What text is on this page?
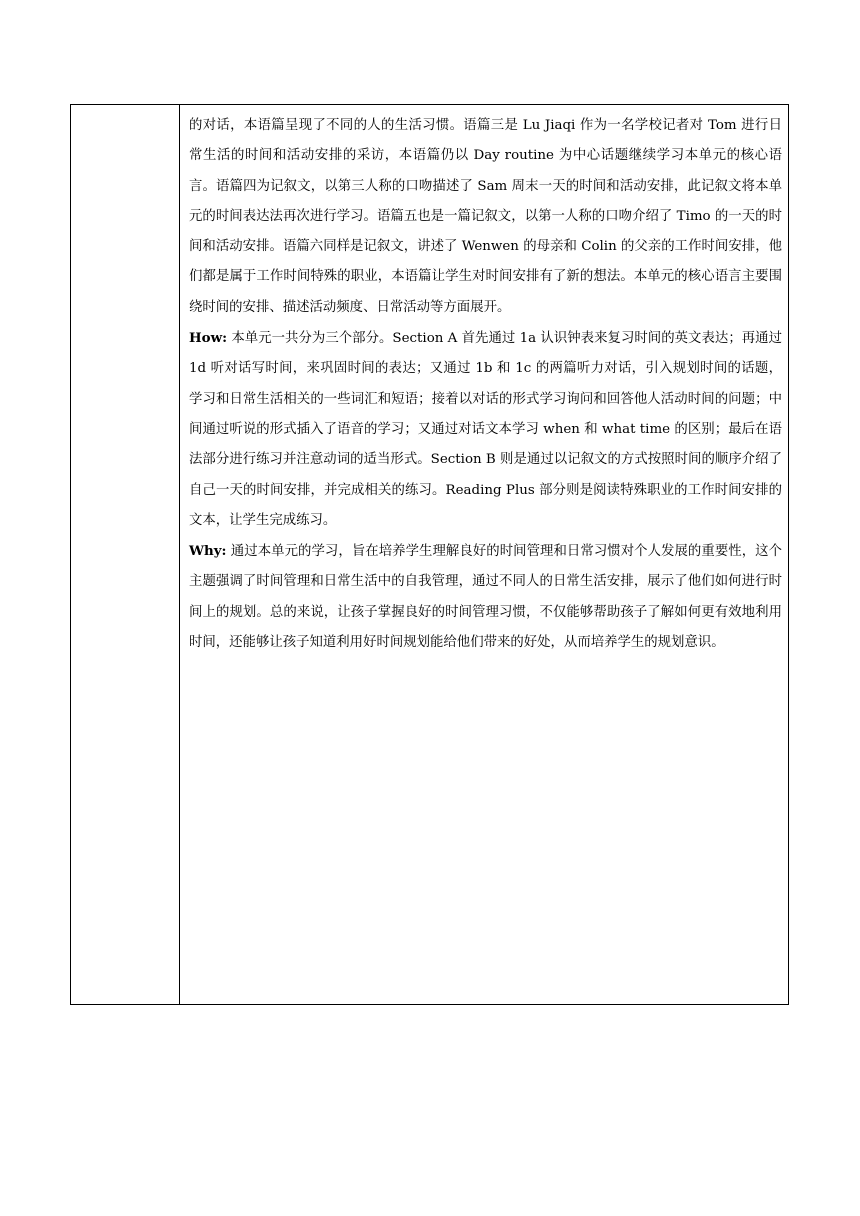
的对话，本语篇呈现了不同的人的生活习惯。语篇三是 Lu Jiaqi 作为一名学校记者对 Tom 进行日常生活的时间和活动安排的采访，本语篇仍以 Day routine 为中心话题继续学习本单元的核心语言。语篇四为记叙文，以第三人称的口吻描述了 Sam 周末一天的时间和活动安排，此记叙文将本单元的时间表达法再次进行学习。语篇五也是一篇记叙文，以第一人称的口吻介绍了 Timo 的一天的时间和活动安排。语篇六同样是记叙文，讲述了 Wenwen 的母亲和 Colin 的父亲的工作时间安排，他们都是属于工作时间特殊的职业，本语篇让学生对时间安排有了新的想法。本单元的核心语言主要围绕时间的安排、描述活动频度、日常活动等方面展开。

How: 本单元一共分为三个部分。Section A 首先通过 1a 认识钟表来复习时间的英文表达；再通过 1d 听对话写时间，来巩固时间的表达；又通过 1b 和 1c 的两篇听力对话，引入规划时间的话题，学习和日常生活相关的一些词汇和短语；接着以对话的形式学习询问和回答他人活动时间的问题；中间通过听说的形式插入了语音的学习；又通过对话文本学习 when 和 what time 的区别；最后在语法部分进行练习并注意动词的适当形式。Section B 则是通过以记叙文的方式按照时间的顺序介绍了自己一天的时间安排，并完成相关的练习。Reading Plus 部分则是阅读特殊职业的工作时间安排的文本，让学生完成练习。

Why: 通过本单元的学习，旨在培养学生理解良好的时间管理和日常习惯对个人发展的重要性，这个主题强调了时间管理和日常生活中的自我管理，通过不同人的日常生活安排，展示了他们如何进行时间上的规划。总的来说，让孩子掌握良好的时间管理习惯，不仅能够帮助孩子了解如何更有效地利用时间，还能够让孩子知道利用好时间规划能给他们带来的好处，从而培养学生的规划意识。
